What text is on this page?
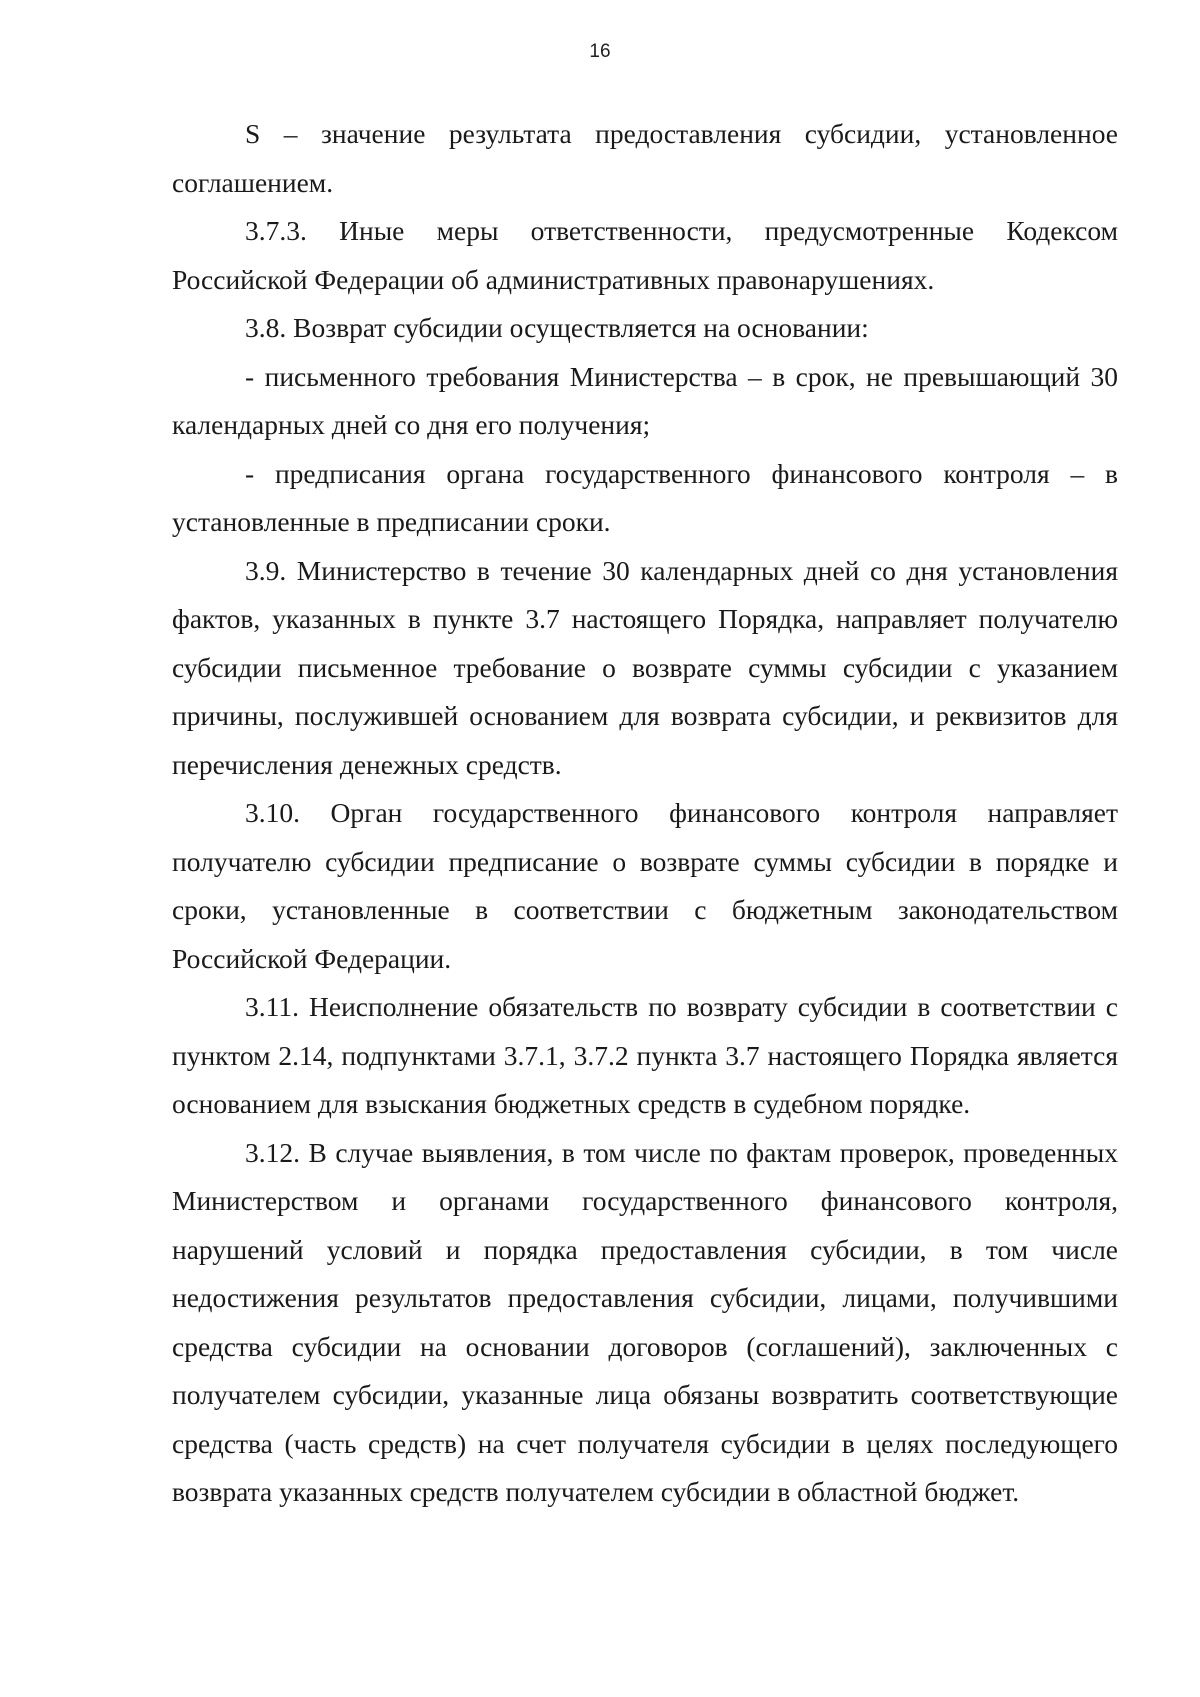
16

S – значение результата предоставления субсидии, установленное соглашением.

3.7.3. Иные меры ответственности, предусмотренные Кодексом Российской Федерации об административных правонарушениях.

3.8. Возврат субсидии осуществляется на основании:

- письменного требования Министерства – в срок, не превышающий 30 календарных дней со дня его получения;

- предписания органа государственного финансового контроля – в установленные в предписании сроки.

3.9. Министерство в течение 30 календарных дней со дня установления фактов, указанных в пункте 3.7 настоящего Порядка, направляет получателю субсидии письменное требование о возврате суммы субсидии с указанием причины, послужившей основанием для возврата субсидии, и реквизитов для перечисления денежных средств.

3.10. Орган государственного финансового контроля направляет получателю субсидии предписание о возврате суммы субсидии в порядке и сроки, установленные в соответствии с бюджетным законодательством Российской Федерации.

3.11. Неисполнение обязательств по возврату субсидии в соответствии с пунктом 2.14, подпунктами 3.7.1, 3.7.2 пункта 3.7 настоящего Порядка является основанием для взыскания бюджетных средств в судебном порядке.

3.12. В случае выявления, в том числе по фактам проверок, проведенных Министерством и органами государственного финансового контроля, нарушений условий и порядка предоставления субсидии, в том числе недостижения результатов предоставления субсидии, лицами, получившими средства субсидии на основании договоров (соглашений), заключенных с получателем субсидии, указанные лица обязаны возвратить соответствующие средства (часть средств) на счет получателя субсидии в целях последующего возврата указанных средств получателем субсидии в областной бюджет.
